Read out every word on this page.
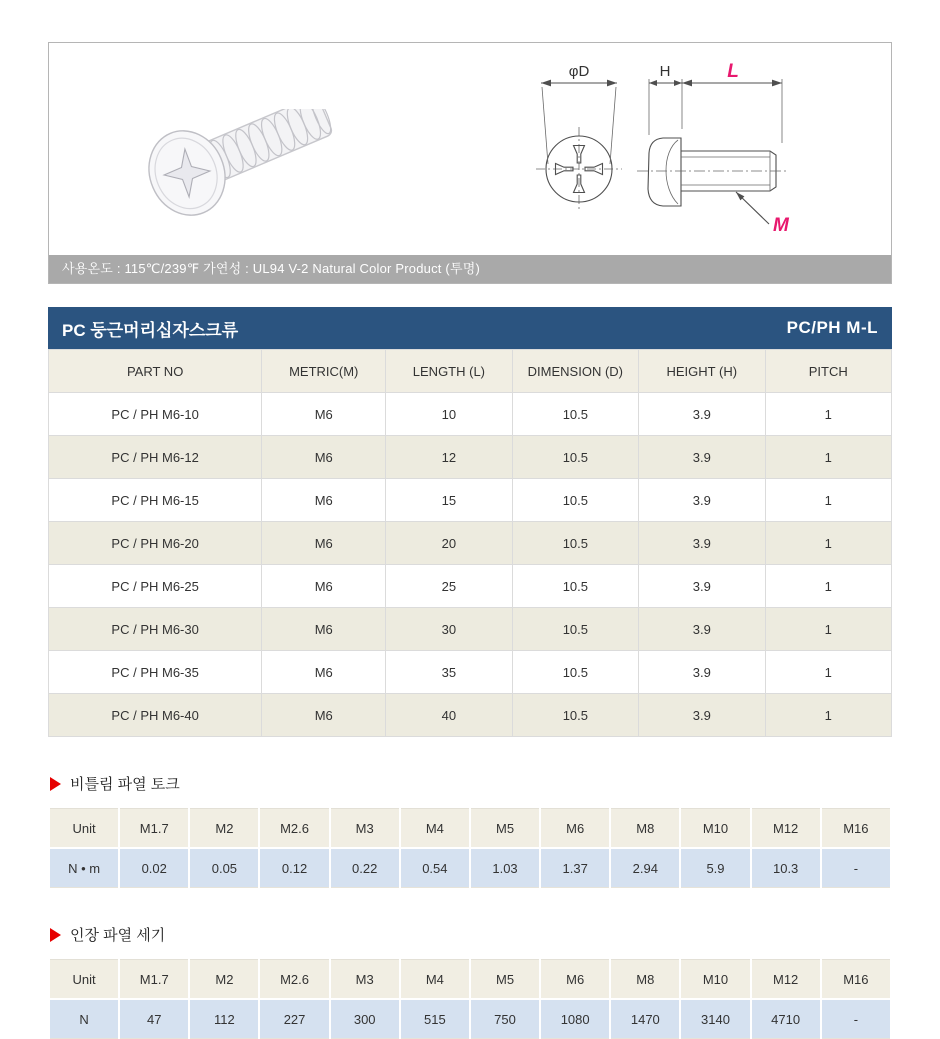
φD	H	L
M
사용온도 : 115℃/239℉ 가연성 : UL94 V-2 Natural Color Product (투명)
PC 둥근머리십자스크류	PC/PH M-L
PART NO	METRIC(M)	LENGTH (L)	DIMENSION (D)	HEIGHT (H)	PITCH
PC / PH M6-10	M6	10	10.5	3.9	1
PC / PH M6-12	M6	12	10.5	3.9	1
PC / PH M6-15	M6	15	10.5	3.9	1
PC / PH M6-20	M6	20	10.5	3.9	1
PC / PH M6-25	M6	25	10.5	3.9	1
PC / PH M6-30	M6	30	10.5	3.9	1
PC / PH M6-35	M6	35	10.5	3.9	1
PC / PH M6-40	M6	40	10.5	3.9	1
비틀림 파열 토크
Unit	M1.7	M2	M2.6	M3	M4	M5	M6	M8	M10	M12	M16
N • m	0.02	0.05	0.12	0.22	0.54	1.03	1.37	2.94	5.9	10.3	-
인장 파열 세기
Unit	M1.7	M2	M2.6	M3	M4	M5	M6	M8	M10	M12	M16
N	47	112	227	300	515	750	1080	1470	3140	4710	-
